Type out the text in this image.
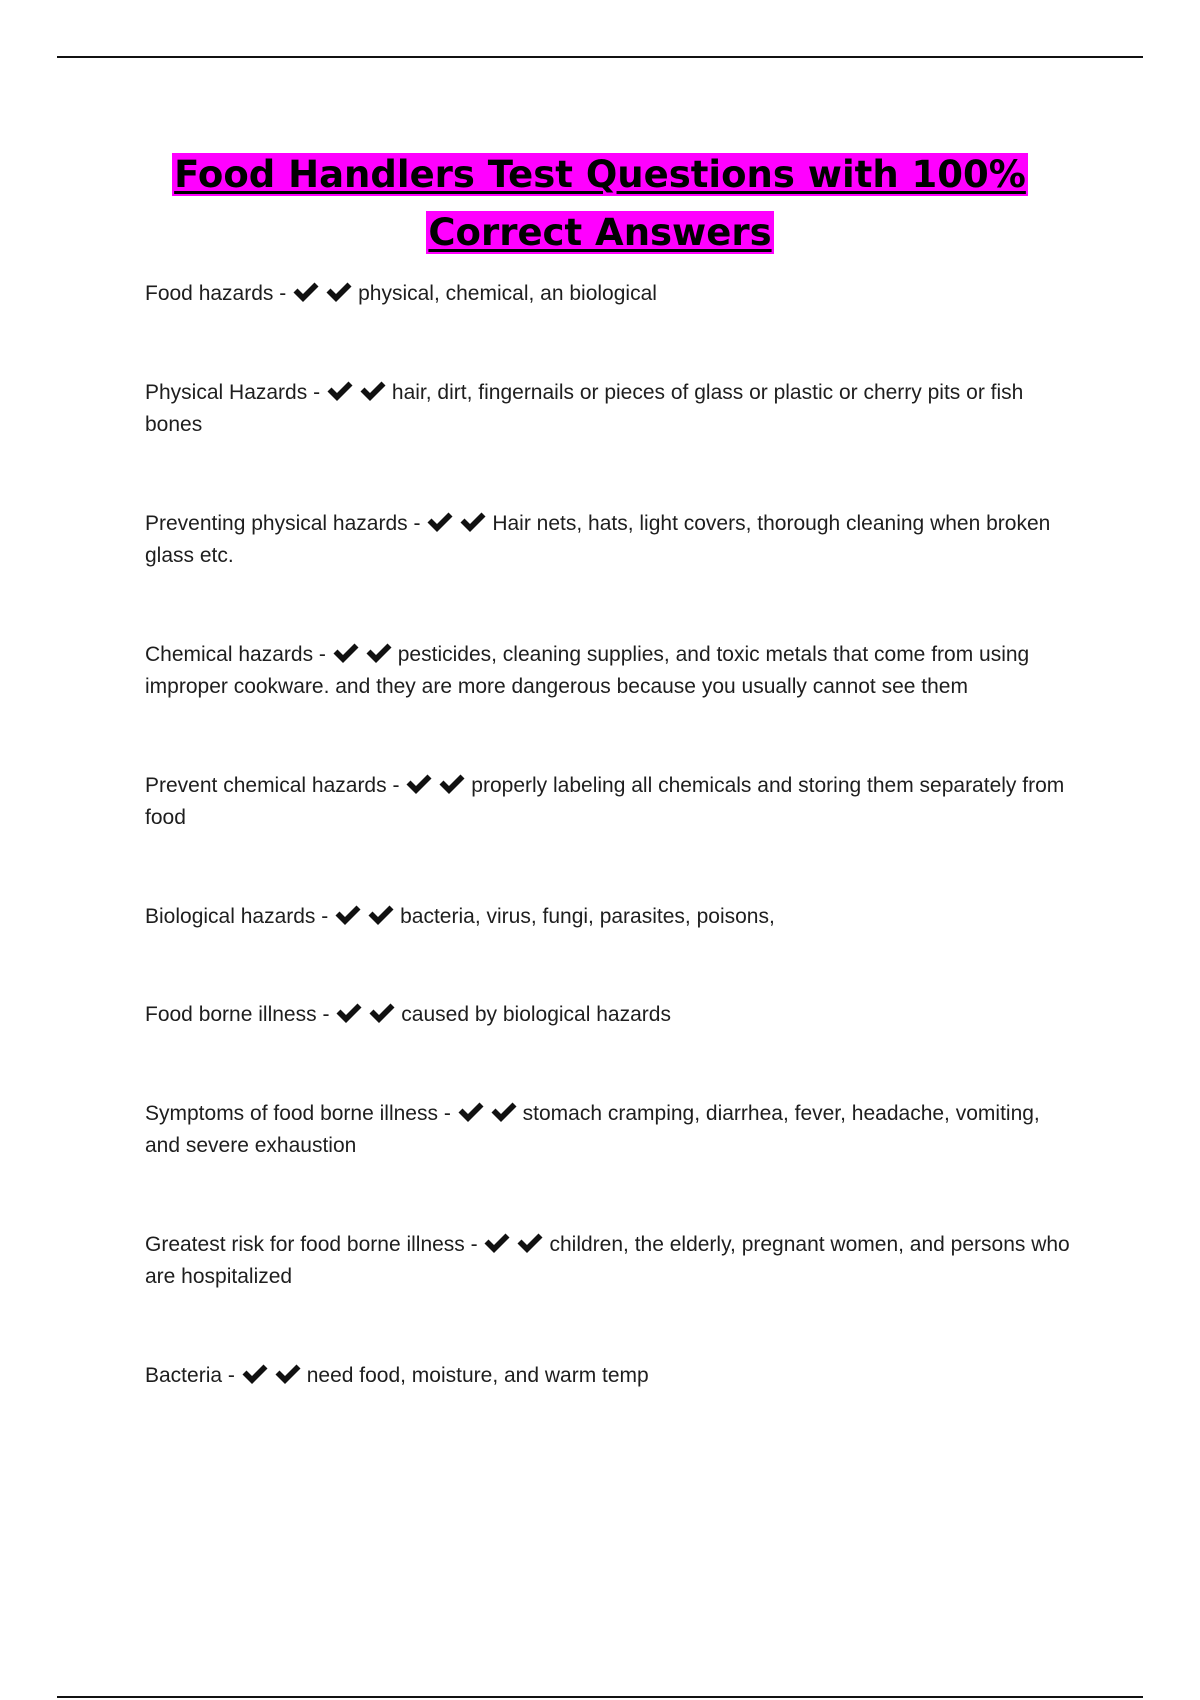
Food Handlers Test Questions with 100% Correct Answers
Food hazards -	physical, chemical, an biological
Physical Hazards -	hair, dirt, fingernails or pieces of glass or plastic or cherry pits or fish bones
Preventing physical hazards -	Hair nets, hats, light covers, thorough cleaning when broken glass etc.
Chemical hazards -	pesticides, cleaning supplies, and toxic metals that come from using improper cookware. and they are more dangerous because you usually cannot see them
Prevent chemical hazards -	properly labeling all chemicals and storing them separately from food
Biological hazards -	bacteria, virus, fungi, parasites, poisons,
Food borne illness -	caused by biological hazards
Symptoms of food borne illness -	stomach cramping, diarrhea, fever, headache, vomiting, and severe exhaustion
Greatest risk for food borne illness -	children, the elderly, pregnant women, and persons who are hospitalized
Bacteria -	need food, moisture, and warm temp
